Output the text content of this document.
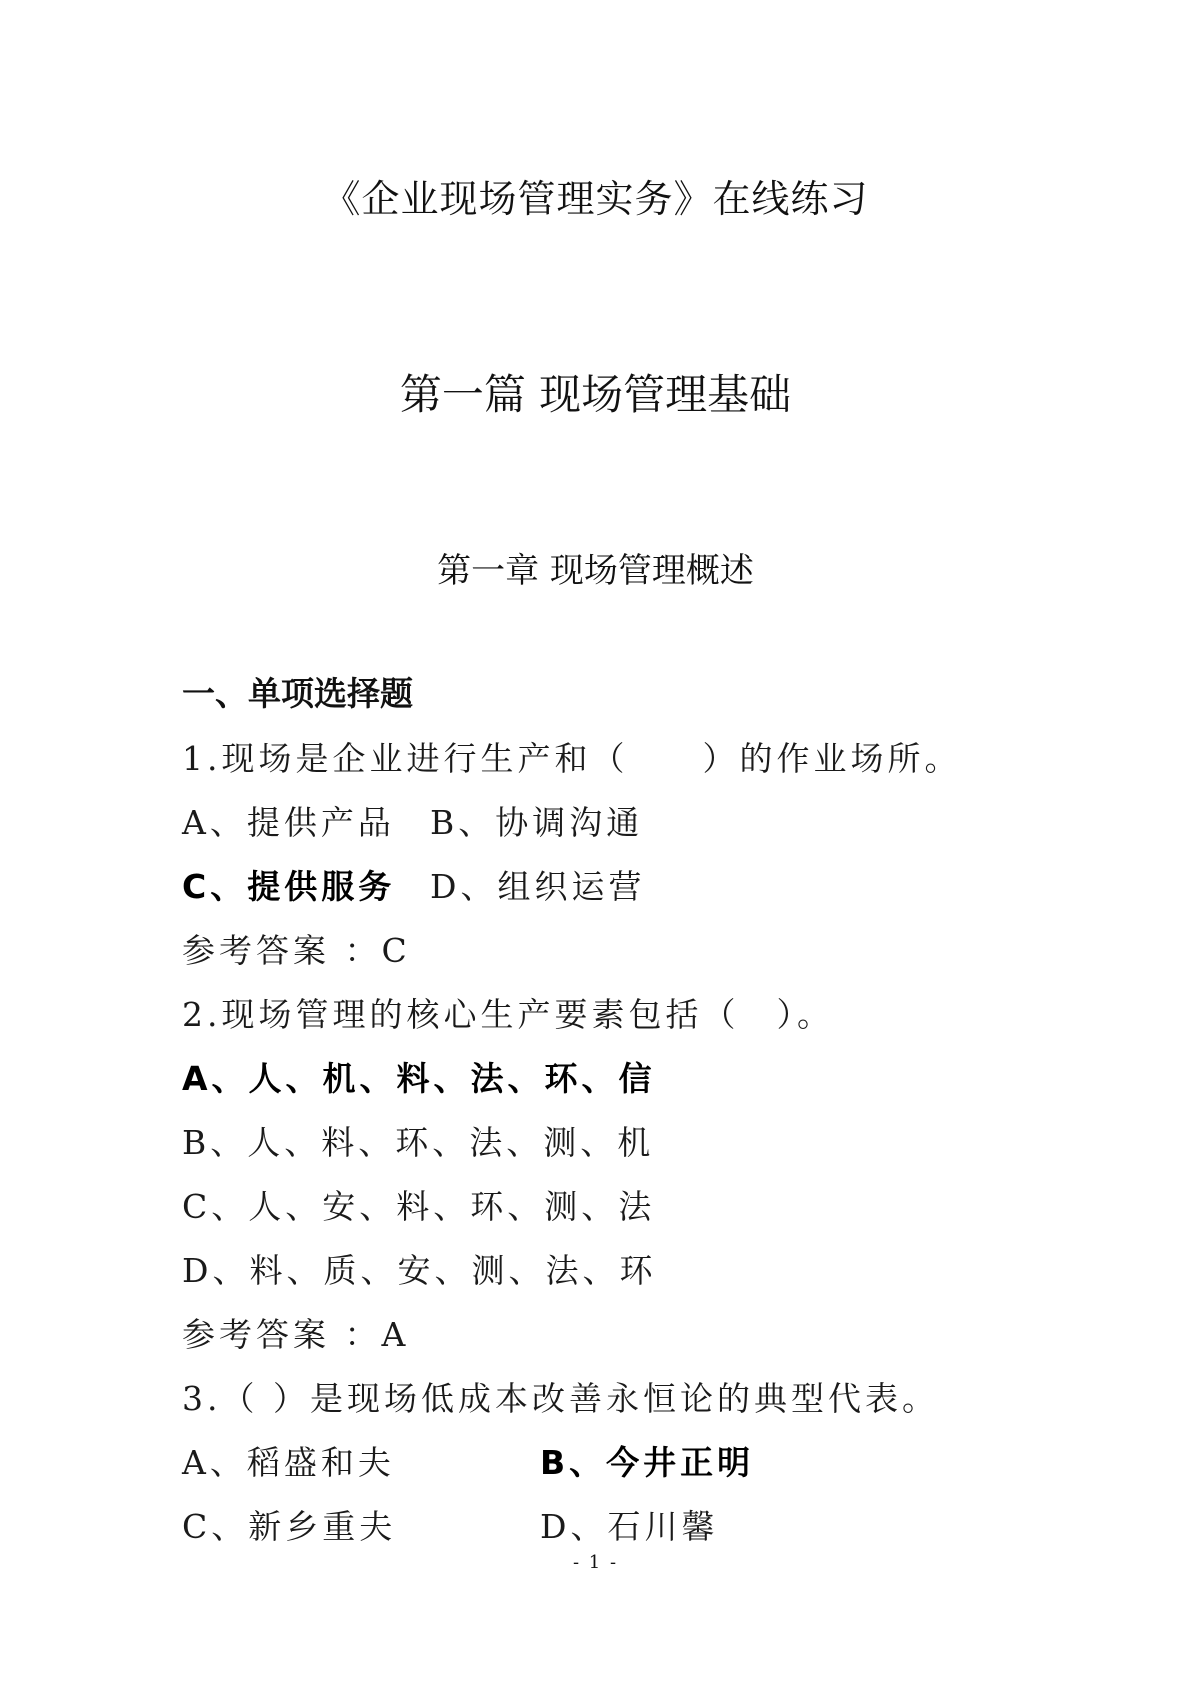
《企业现场管理实务》在线练习
第一篇 现场管理基础
第一章 现场管理概述
一、单项选择题
1.现场是企业进行生产和（　　）的作业场所。
A、提供产品 B、协调沟通
C、提供服务 D、组织运营
参考答案 ：C
2.现场管理的核心生产要素包括（　）。
A、人、机、料、法、环、信
B、人、料、环、法、测、机
C、人、安、料、环、测、法
D、料、质、安、测、法、环
参考答案 ：A
3.（ ）是现场低成本改善永恒论的典型代表。
A、稻盛和夫	B、今井正明
C、新乡重夫	D、石川馨
- 1 -
